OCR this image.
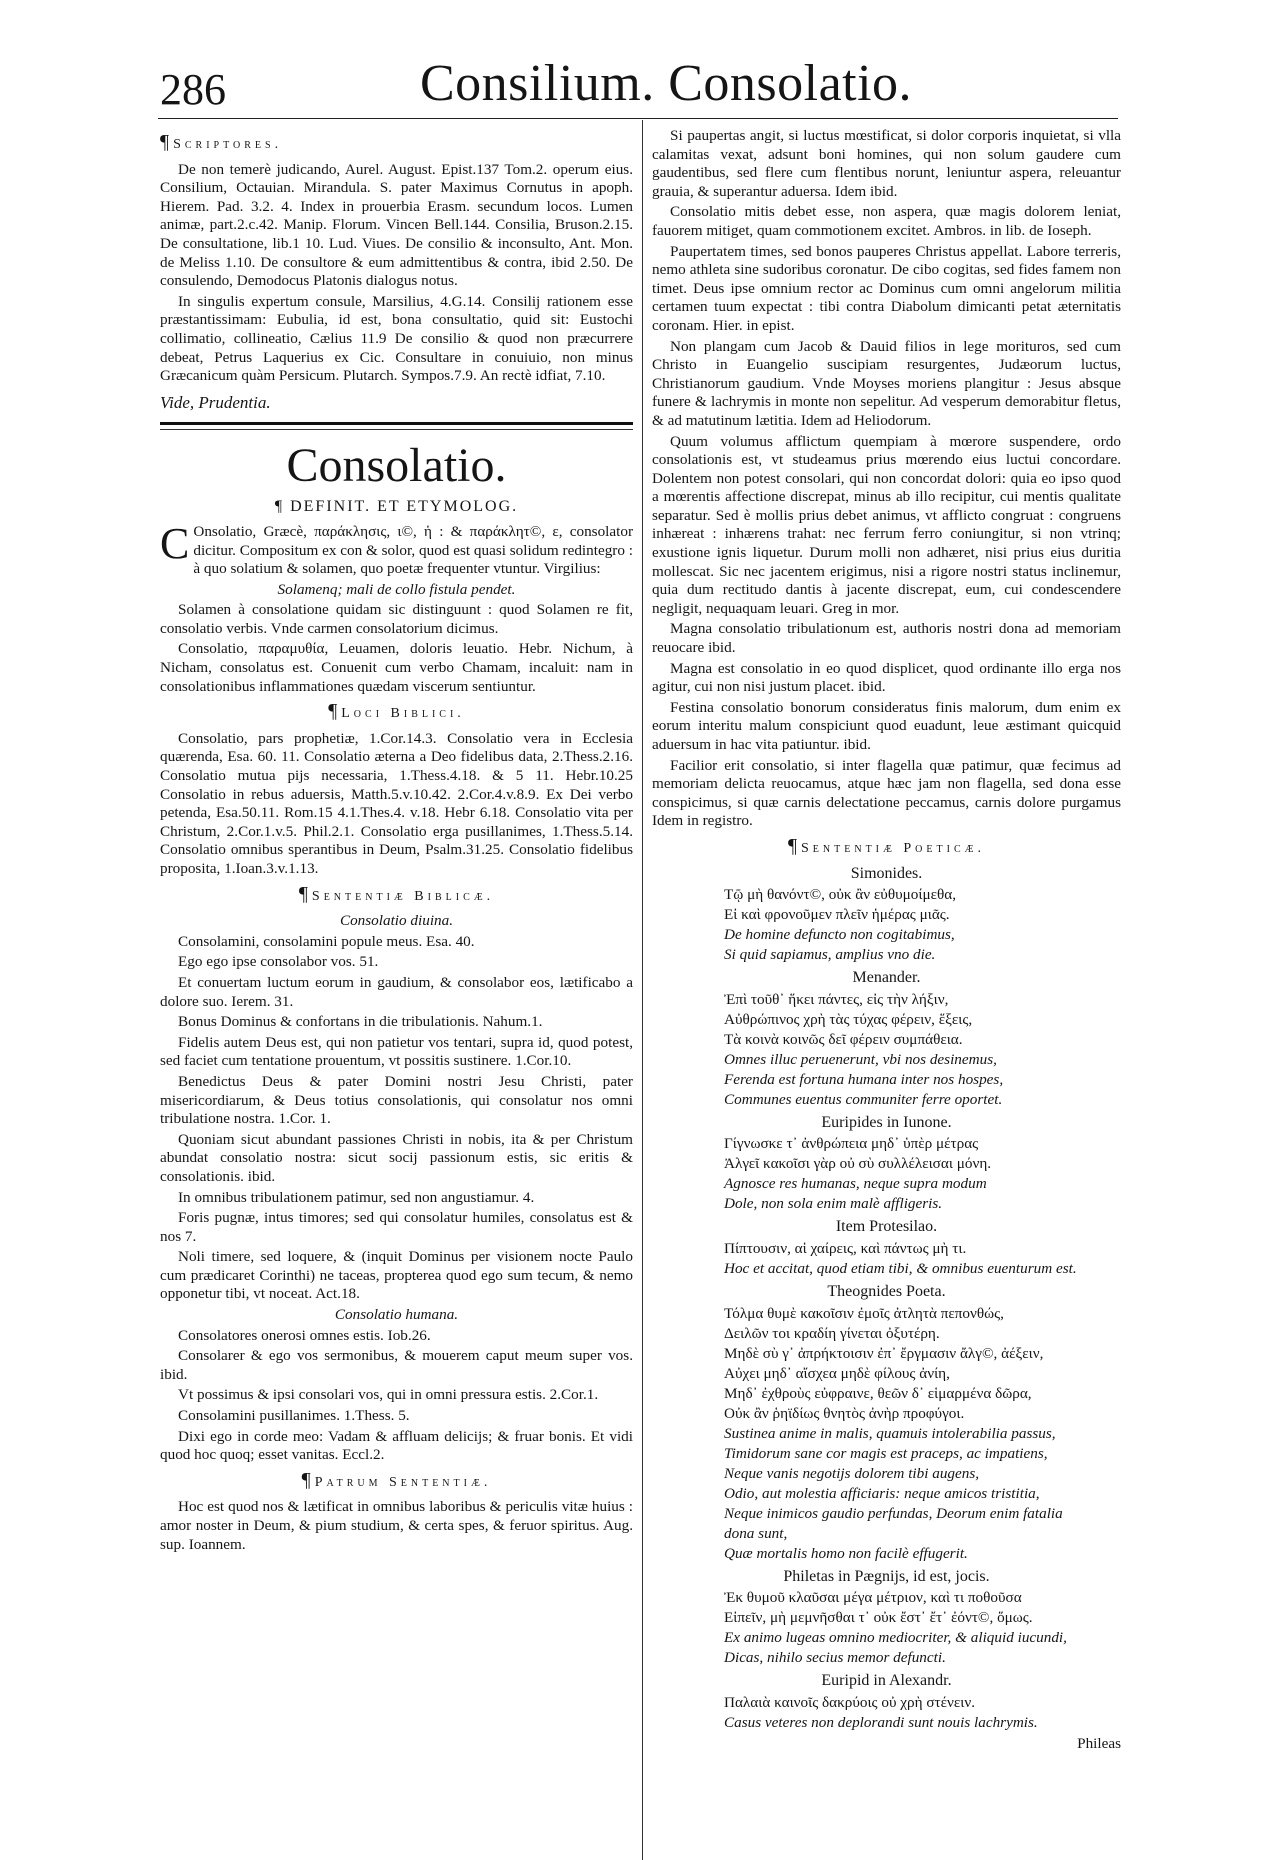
286	Consilium. Consolatio.
¶ Scriptores.

De non temerè judicando, Aurel. August. Epist.137 Tom.2. operum eius. Consilium, Octauian. Mirandula. S. pater Maximus Cornutus in apoph. Hierem. Pad. 3.2. 4. Index in prouerbia Erasm. secundum locos. Lumen animæ, part.2.c.42. Manip. Florum. Vincen Bell.144. Consilia, Bruson.2.15. De consultatione, lib.1 10. Lud. Viues. De consilio & inconsulto, Ant. Mon. de Meliss 1.10. De consultore & eum admittentibus & contra, ibid 2.50. De consulendo, Demodocus Platonis dialogus notus.

In singulis expertum consule, Marsilius, 4.G.14. Consilij rationem esse præstantissimam: Eubulia, id est, bona consultatio, quid sit: Eustochi collimatio, collineatio, Cælius 11.9 De consilio & quod non præcurrere debeat, Petrus Laquerius ex Cic. Consultare in conuiuio, non minus Græcanicum quàm Persicum. Plutarch. Sympos.7.9. An rectè idfiat, 7.10.

Vide, Prudentia.
Consolatio.
¶ DEFINIT. ET ETYMOLOG.

C Onsolatio, Græcè, παράκλησις, ι©, ἡ : & παράκλητ©, ε, consolator dicitur. Compositum ex con & solor, quod est quasi solidum redintegro : à quo solatium & solamen, quo poetæ frequenter vtuntur. Virgilius:

Solamenq; mali de collo fistula pendet.

Solamen à consolatione quidam sic distinguunt : quod Solamen re fit, consolatio verbis. Vnde carmen consolatorium dicimus.

Consolatio, παραμυθία, Leuamen, doloris leuatio. Hebr. Nichum, à Nicham, consolatus est. Conuenit cum verbo Chamam, incaluit: nam in consolationibus inflammationes quædam viscerum sentiuntur.

¶ Loci Biblici.

Consolatio, pars prophetiæ, 1.Cor.14.3. Consolatio vera in Ecclesia quærenda, Esa. 60. 11. Consolatio æterna a Deo fidelibus data, 2.Thess.2.16. Consolatio mutua pijs necessaria, 1.Thess.4.18. & 5 11. Hebr.10.25 Consolatio in rebus aduersis, Matth.5.v.10.42. 2.Cor.4.v.8.9. Ex Dei verbo petenda, Esa.50.11. Rom.15 4.1.Thes.4. v.18. Hebr 6.18. Consolatio vita per Christum, 2.Cor.1.v.5. Phil.2.1. Consolatio erga pusillanimes, 1.Thess.5.14. Consolatio omnibus sperantibus in Deum, Psalm.31.25. Consolatio fidelibus proposita, 1.Ioan.3.v.1.13.

¶ Sententiæ Biblicæ.
Consolatio diuina.

Consolamini, consolamini popule meus. Esa. 40.

Ego ego ipse consolabor vos. 51.

Et conuertam luctum eorum in gaudium, & consolabor eos, lætificabo a dolore suo. Ierem. 31.

Bonus Dominus & confortans in die tribulationis. Nahum.1.

Fidelis autem Deus est, qui non patietur vos tentari, supra id, quod potest, sed faciet cum tentatione prouentum, vt possitis sustinere. 1.Cor.10.

Benedictus Deus & pater Domini nostri Jesu Christi, pater misericordiarum, & Deus totius consolationis, qui consolatur nos omni tribulatione nostra. 1.Cor. 1.

Quoniam sicut abundant passiones Christi in nobis, ita & per Christum abundat consolatio nostra: sicut socij passionum estis, sic eritis & consolationis. ibid.

In omnibus tribulationem patimur, sed non angustiamur. 4.

Foris pugnæ, intus timores; sed qui consolatur humiles, consolatus est & nos 7.

Noli timere, sed loquere, & (inquit Dominus per visionem nocte Paulo cum prædicaret Corinthi) ne taceas, propterea quod ego sum tecum, & nemo opponetur tibi, vt noceat. Act.18.

Consolatio humana.

Consolatores onerosi omnes estis. Iob.26.

Consolarer & ego vos sermonibus, & mouerem caput meum super vos. ibid.

Vt possimus & ipsi consolari vos, qui in omni pressura estis. 2.Cor.1.

Consolamini pusillanimes. 1.Thess. 5.

Dixi ego in corde meo: Vadam & affluam delicijs; & fruar bonis. Et vidi quod hoc quoq; esset vanitas. Eccl.2.

¶ Patrum Sententiæ.

Hoc est quod nos & lætificat in omnibus laboribus & periculis vitæ huius : amor noster in Deum, & pium studium, & certa spes, & feruor spiritus. Aug. sup. Ioannem.

Si paupertas angit, si luctus mœstificat, si dolor corporis inquietat, si vlla calamitas vexat, adsunt boni homines, qui non solum gaudere cum gaudentibus, sed flere cum flentibus norunt, leniuntur aspera, releuantur grauia, & superantur aduersa. Idem ibid.

Consolatio mitis debet esse, non aspera, quæ magis dolorem leniat, fauorem mitiget, quam commotionem excitet. Ambros. in lib. de Ioseph.

Paupertatem times, sed bonos pauperes Christus appellat. Labore terreris, nemo athleta sine sudoribus coronatur. De cibo cogitas, sed fides famem non timet. Deus ipse omnium rector ac Dominus cum omni angelorum militia certamen tuum expectat : tibi contra Diabolum dimicanti petat æternitatis coronam. Hier. in epist.

Non plangam cum Jacob & Dauid filios in lege morituros, sed cum Christo in Euangelio suscipiam resurgentes, Judæorum luctus, Christianorum gaudium. Vnde Moyses moriens plangitur : Jesus absque funere & lachrymis in monte non sepelitur. Ad vesperum demorabitur fletus, & ad matutinum lætitia. Idem ad Heliodorum.

Quum volumus afflictum quempiam à mœrore suspendere, ordo consolationis est, vt studeamus prius mœrendo eius luctui concordare. Dolentem non potest consolari, qui non concordat dolori: quia eo ipso quod a mœrentis affectione discrepat, minus ab illo recipitur, cui mentis qualitate separatur. Sed è mollis prius debet animus, vt afflicto congruat : congruens inhæreat : inhærens trahat: nec ferrum ferro coniungitur, si non vtrinq; exustione ignis liquetur. Durum molli non adhæret, nisi prius eius duritia mollescat. Sic nec jacentem erigimus, nisi a rigore nostri status inclinemur, quia dum rectitudo dantis à jacente discrepat, eum, cui condescendere negligit, nequaquam leuari. Greg in mor.

Magna consolatio tribulationum est, authoris nostri dona ad memoriam reuocare ibid.

Magna est consolatio in eo quod displicet, quod ordinante illo erga nos agitur, cui non nisi justum placet. ibid.

Festina consolatio bonorum consideratus finis malorum, dum enim ex eorum interitu malum conspiciunt quod euadunt, leue æstimant quicquid aduersum in hac vita patiuntur. ibid.

Facilior erit consolatio, si inter flagella quæ patimur, quæ fecimus ad memoriam delicta reuocamus, atque hæc jam non flagella, sed dona esse conspicimus, si quæ carnis delectatione peccamus, carnis dolore purgamus Idem in registro.

¶ Sententiæ Poeticæ.
Simonides.
Τῷ μὴ θανόντ©, οὐκ ἂν εὐθυμοίμεθα,
Εἰ καὶ φρονοῦμεν πλεῖν ἡμέρας μιᾶς.
De homine defuncto non cogitabimus,
Si quid sapiamus, amplius vno die.
Menander.
Ἐπὶ τοῦθ᾽ ἥκει πάντες, εἰς τὴν λήξιν,
Αὐθρώπινος χρὴ τὰς τύχας φέρειν, ἕξεις,
Τὰ κοινὰ κοινῶς δεῖ φέρειν συμπάθεια.
Omnes illuc peruenerunt, vbi nos desinemus,
Ferenda est fortuna humana inter nos hospes,
Communes euentus communiter ferre oportet.
Euripides in Iunone.
Γίγνωσκε τ᾽ ἀνθρώπεια μηδ᾽ ὑπὲρ μέτρας
Ἀλγεῖ κακοῖσι γὰρ οὐ σὺ συλλέλεισαι μόνη.
Agnosce res humanas, neque supra modum
Dole, non sola enim malè affligeris.
Item Protesilao.
Πίπτουσιν, αἱ χαίρεις, καὶ πάντως μὴ τι.
Hoc et accitat, quod etiam tibi, & omnibus euenturum est.
Theognides Poeta.
Τόλμα θυμὲ κακοῖσιν ἐμοῖς ἀτλητὰ πεπονθώς,
Δειλῶν τοι κραδίη γίνεται ὀξυτέρη.
Μηδὲ σὺ γ᾽ ἀπρήκτοισιν ἐπ᾽ ἔργμασιν ἄλγ©, ἀέξειν,
Αὐχει μηδ᾽ αἴσχεα μηδὲ φίλους ἀνίη,
Μηδ᾽ ἐχθροὺς εὐφραινε, θεῶν δ᾽ εἱμαρμένα δῶρα,
Οὐκ ἂν ῥηϊδίως θνητὸς ἀνὴρ προφύγοι.
Sustinea anime in malis, quamuis intolerabilia passus,
Timidorum sane cor magis est praceps, ac impatiens,
Neque vanis negotijs dolorem tibi augens,
Odio, aut molestia afficiaris: neque amicos tristitia,
Neque inimicos gaudio perfundas, Deorum enim fatalia
dona sunt,
Quæ mortalis homo non facilè effugerit.
Philetas in Pægnijs, id est, jocis.
Ἐκ θυμοῦ κλαῦσαι μέγα μέτριον, καὶ τι ποθοῦσα
Εἰπεῖν, μὴ μεμνῆσθαι τ᾽ οὐκ ἔστ᾽ ἔτ᾽ ἐόντ©, ὅμως.
Ex animo lugeas omnino mediocriter, & aliquid iucundi,
Dicas, nihilo secius memor defuncti.
Euripid in Alexandr.
Παλαιὰ καινοῖς δακρύοις οὐ χρὴ στένειν.
Casus veteres non deplorandi sunt nouis lachrymis.
Phileas
